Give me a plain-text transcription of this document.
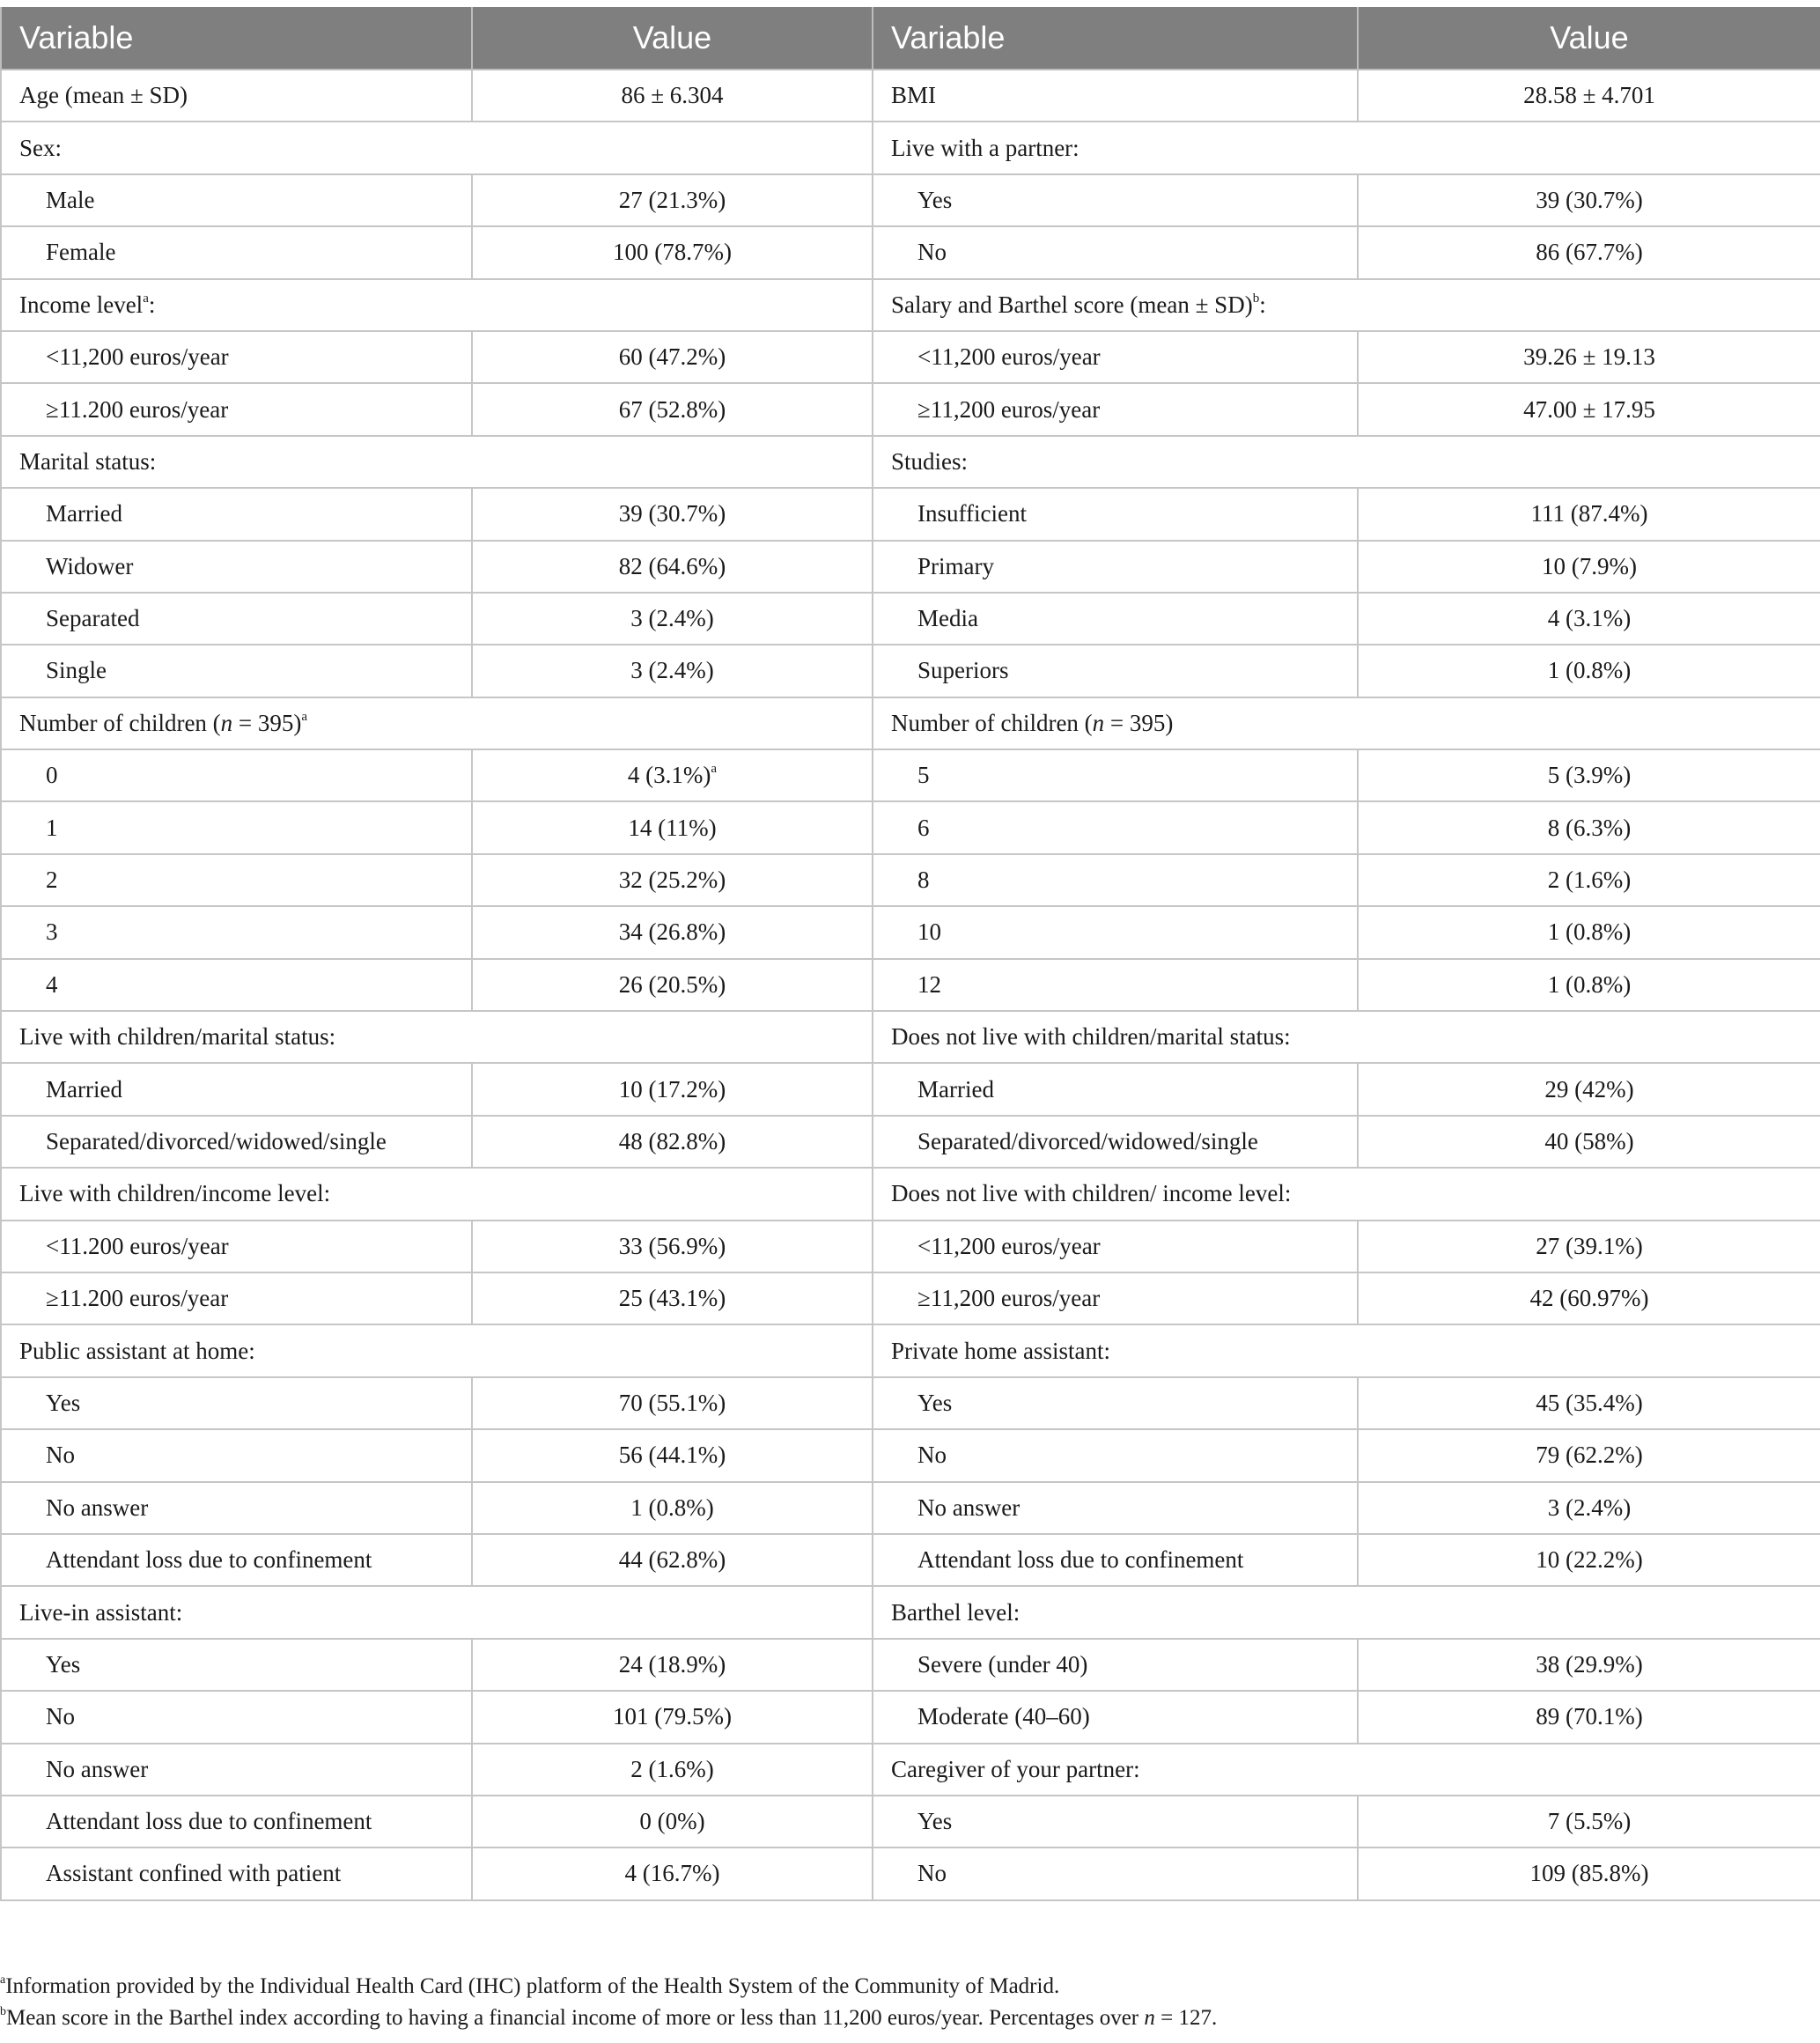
Variable	Value	Variable	Value
Age (mean ± SD)	86 ± 6.304	BMI	28.58 ± 4.701
Sex:		Live with a partner:	
Male	27 (21.3%)	Yes	39 (30.7%)
Female	100 (78.7%)	No	86 (67.7%)
Income level$^a$:		Salary and Barthel score (mean ± SD)$^b$:	
<11,200 euros/year	60 (47.2%)	<11,200 euros/year	39.26 ± 19.13
≥11.200 euros/year	67 (52.8%)	≥11,200 euros/year	47.00 ± 17.95
Marital status:		Studies:	
Married	39 (30.7%)	Insufficient	111 (87.4%)
Widower	82 (64.6%)	Primary	10 (7.9%)
Separated	3 (2.4%)	Media	4 (3.1%)
Single	3 (2.4%)	Superiors	1 (0.8%)
Number of children (n = 395)$^a$		Number of children (n = 395)	
0	4 $(3.1\%)^a$	5	5 (3.9%)
1	14 (11%)	6	8 (6.3%)
2	32 (25.2%)	8	2 (1.6%)
3	34 (26.8%)	10	1 (0.8%)
4	26 (20.5%)	12	1 (0.8%)
Live with children/marital status:		Does not live with children/marital status:	
Married	10 (17.2%)	Married	29 (42%)
Separated/divorced/widowed/single	48 (82.8%)	Separated/divorced/widowed/single	40 (58%)
Live with children/income level:		Does not live with children/ income level:	
<11.200 euros/year	33 (56.9%)	<11,200 euros/year	27 (39.1%)
≥11.200 euros/year	25 (43.1%)	≥11,200 euros/year	42 (60.97%)
Public assistant at home:		Private home assistant:	
Yes	70 (55.1%)	Yes	45 (35.4%)
No	56 (44.1%)	No	79 (62.2%)
No answer	1 (0.8%)	No answer	3 (2.4%)
Attendant loss due to confinement	44 (62.8%)	Attendant loss due to confinement	10 (22.2%)
Live-in assistant:		Barthel level:	
Yes	24 (18.9%)	Severe (under 40)	38 (29.9%)
No	101 (79.5%)	Moderate (40–60)	89 (70.1%)
No answer	2 (1.6%)	Caregiver of your partner:	
Attendant loss due to confinement	0 (0%)	Yes	7 (5.5%)
Assistant confined with patient	4 (16.7%)	No	109 (85.8%)
$^a$Information provided by the Individual Health Card (IHC) platform of the Health System of the Community of Madrid.
$^b$Mean score in the Barthel index according to having a financial income of more or less than 11,200 euros/year. Percentages over n = 127.
